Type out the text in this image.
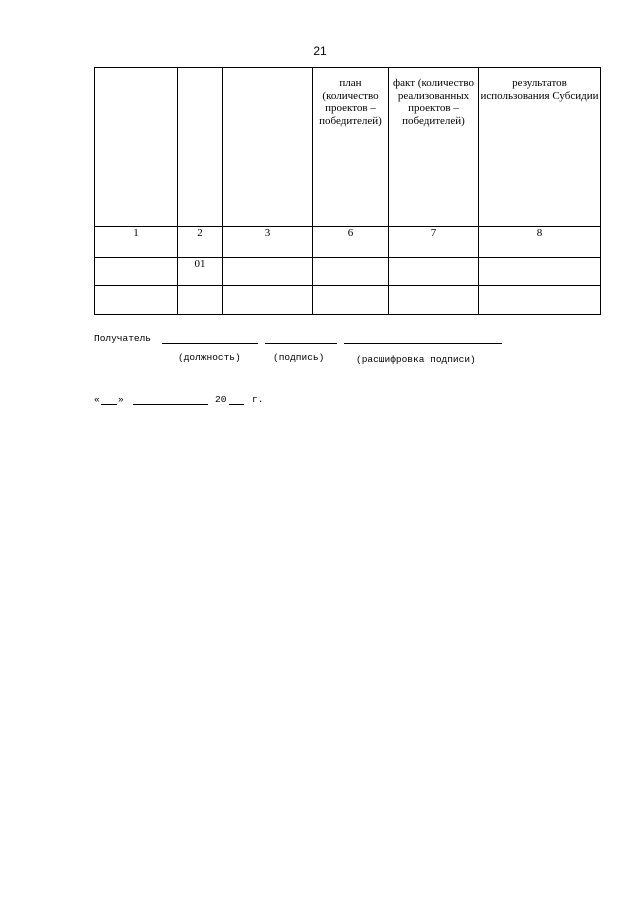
21

			план (количество проектов – победителей)	факт (количество реализованных проектов – победителей)	результатов использования Субсидии

1	2	3	6	7	8
	01				

Получатель
(должность)	(подпись)	(расшифровка подписи)
« »	20	г.
